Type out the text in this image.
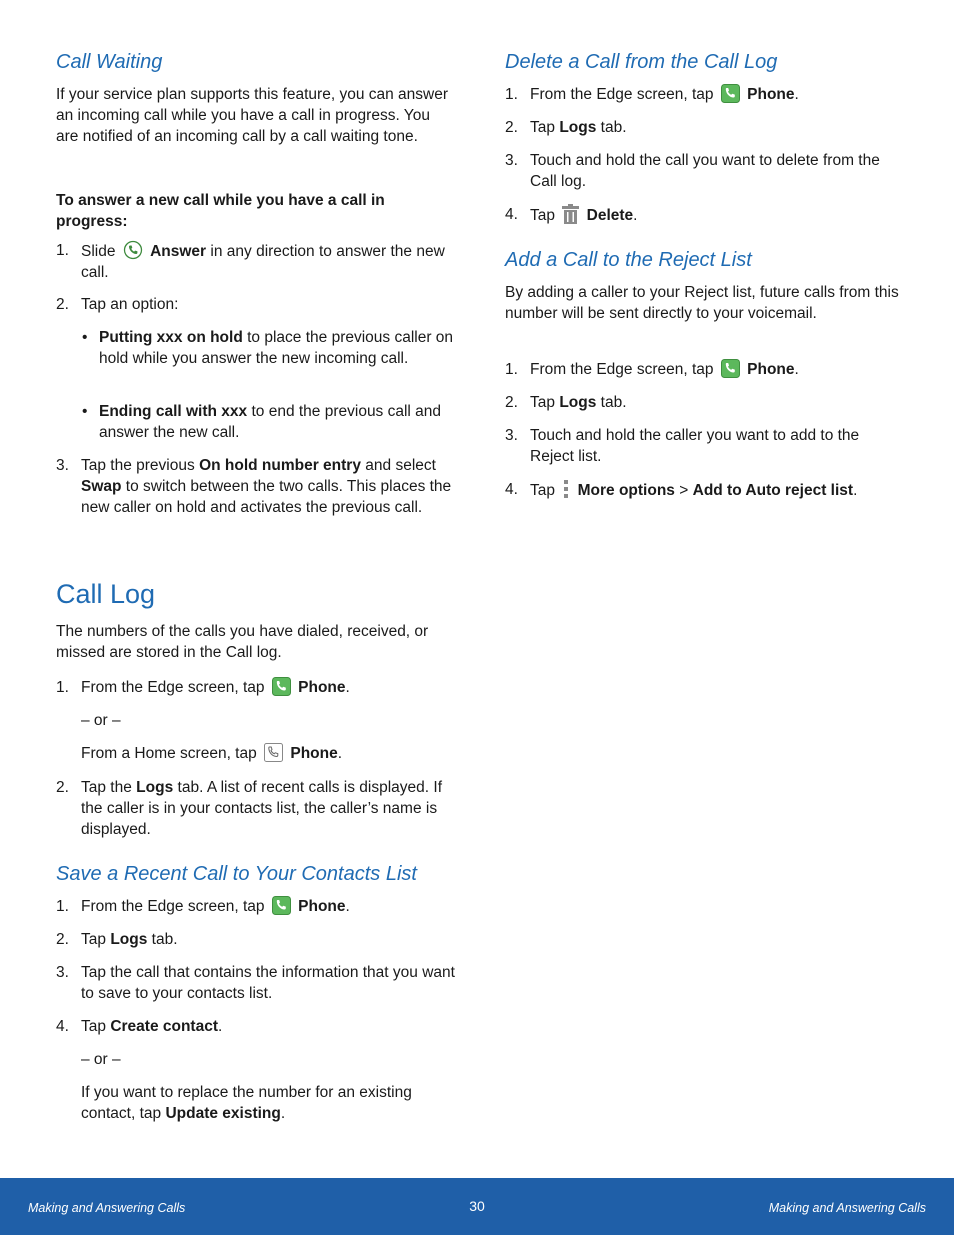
Call Waiting

If your service plan supports this feature, you can answer an incoming call while you have a call in progress. You are notified of an incoming call by a call waiting tone.

To answer a new call while you have a call in progress:

1. Slide Answer in any direction to answer the new call.
2. Tap an option:
• Putting xxx on hold to place the previous caller on hold while you answer the new incoming call.
• Ending call with xxx to end the previous call and answer the new call.
3. Tap the previous On hold number entry and select Swap to switch between the two calls. This places the new caller on hold and activates the previous call.
Call Log

The numbers of the calls you have dialed, received, or missed are stored in the Call log.

1. From the Edge screen, tap Phone.

– or –

From a Home screen, tap Phone.
2. Tap the Logs tab. A list of recent calls is displayed. If the caller is in your contacts list, the caller’s name is displayed.
Save a Recent Call to Your Contacts List
1. From the Edge screen, tap Phone.
2. Tap Logs tab.
3. Tap the call that contains the information that you want to save to your contacts list.
4. Tap Create contact.

– or –

If you want to replace the number for an existing contact, tap Update existing.
Delete a Call from the Call Log
1. From the Edge screen, tap Phone.
2. Tap Logs tab.
3. Touch and hold the call you want to delete from the Call log.
4. Tap Delete.
Add a Call to the Reject List

By adding a caller to your Reject list, future calls from this number will be sent directly to your voicemail.

1. From the Edge screen, tap Phone.
2. Tap Logs tab.
3. Touch and hold the caller you want to add to the Reject list.
4. Tap More options > Add to Auto reject list.
Making and Answering Calls	30	Making and Answering Calls
